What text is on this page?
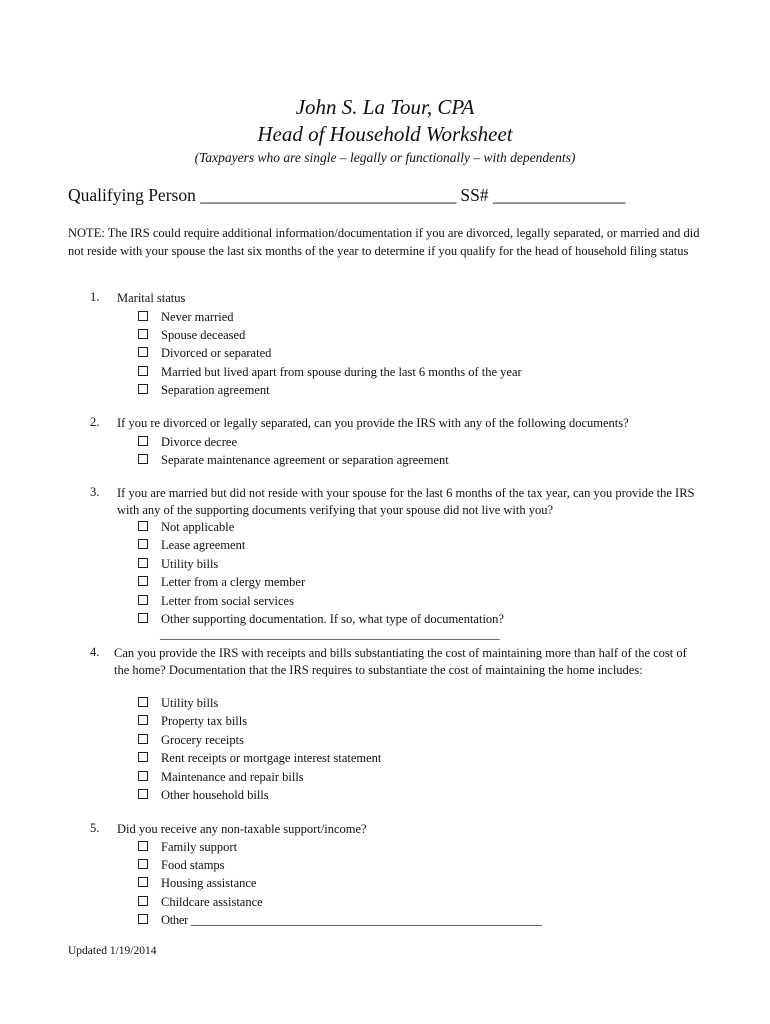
John S. La Tour, CPA
Head of Household Worksheet
(Taxpayers who are single – legally or functionally – with dependents)
Qualifying Person _______________________________ SS# ________________
NOTE: The IRS could require additional information/documentation if you are divorced, legally separated, or married and did not reside with your spouse the last six months of the year to determine if you qualify for the head of household filing status
1. Marital status
Never married
Spouse deceased
Divorced or separated
Married but lived apart from spouse during the last 6 months of the year
Separation agreement
2. If you re divorced or legally separated, can you provide the IRS with any of the following documents?
Divorce decree
Separate maintenance agreement or separation agreement
3. If you are married but did not reside with your spouse for the last 6 months of the tax year, can you provide the IRS with any of the supporting documents verifying that your spouse did not live with you?
Not applicable
Lease agreement
Utility bills
Letter from a clergy member
Letter from social services
Other supporting documentation. If so, what type of documentation?
____________________________________________________________
4. Can you provide the IRS with receipts and bills substantiating the cost of maintaining more than half of the cost of the home? Documentation that the IRS requires to substantiate the cost of maintaining the home includes:
Utility bills
Property tax bills
Grocery receipts
Rent receipts or mortgage interest statement
Maintenance and repair bills
Other household bills
5. Did you receive any non-taxable support/income?
Family support
Food stamps
Housing assistance
Childcare assistance
Other ___________________________________________________________
Updated 1/19/2014
